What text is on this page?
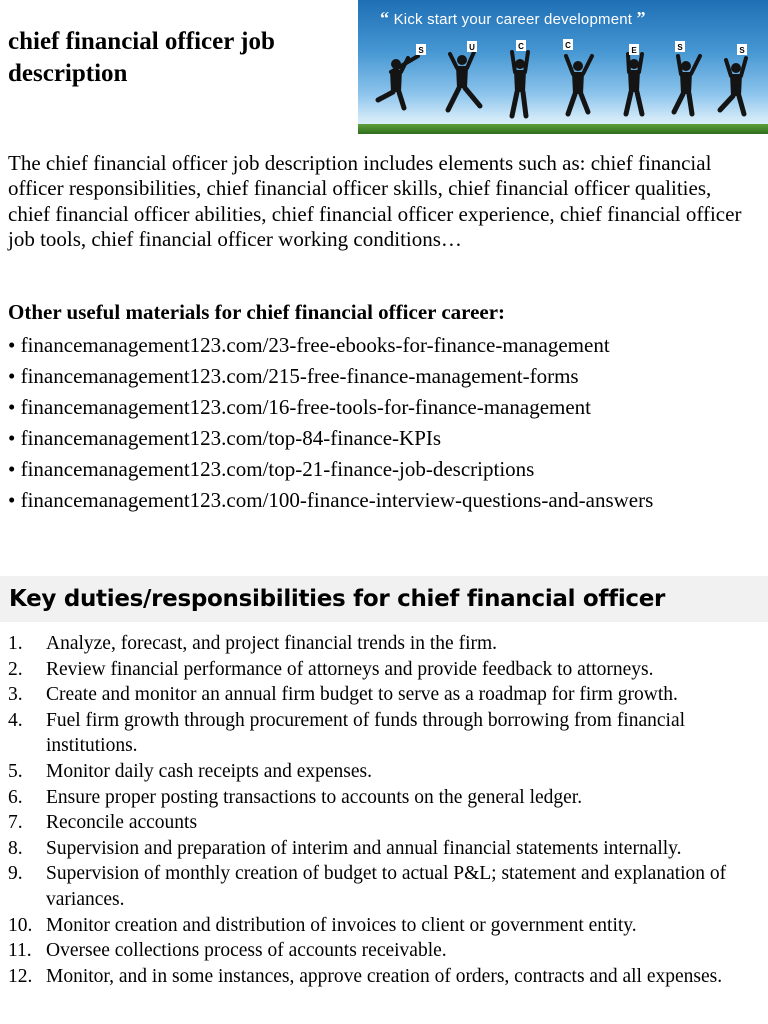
chief financial officer job description
“ Kick start your career development ”
S	U	C	C
E	S	S

The chief financial officer job description includes elements such as: chief financial officer responsibilities, chief financial officer skills, chief financial officer qualities, chief financial officer abilities, chief financial officer experience, chief financial officer job tools, chief financial officer working conditions…

Other useful materials for chief financial officer career:
• financemanagement123.com/23-free-ebooks-for-finance-management
• financemanagement123.com/215-free-finance-management-forms
• financemanagement123.com/16-free-tools-for-finance-management
• financemanagement123.com/top-84-finance-KPIs
• financemanagement123.com/top-21-finance-job-descriptions
• financemanagement123.com/100-finance-interview-questions-and-answers
Key duties/responsibilities for chief financial officer
1.	Analyze, forecast, and project financial trends in the firm.
2.	Review financial performance of attorneys and provide feedback to attorneys.
3.	Create and monitor an annual firm budget to serve as a roadmap for firm growth.
4.	Fuel firm growth through procurement of funds through borrowing from financial institutions.
5.	Monitor daily cash receipts and expenses.
6.	Ensure proper posting transactions to accounts on the general ledger.
7.	Reconcile accounts
8.	Supervision and preparation of interim and annual financial statements internally.
9.	Supervision of monthly creation of budget to actual P&L; statement and explanation of variances.
10. Monitor creation and distribution of invoices to client or government entity.
11. Oversee collections process of accounts receivable.
12. Monitor, and in some instances, approve creation of orders, contracts and all expenses.
